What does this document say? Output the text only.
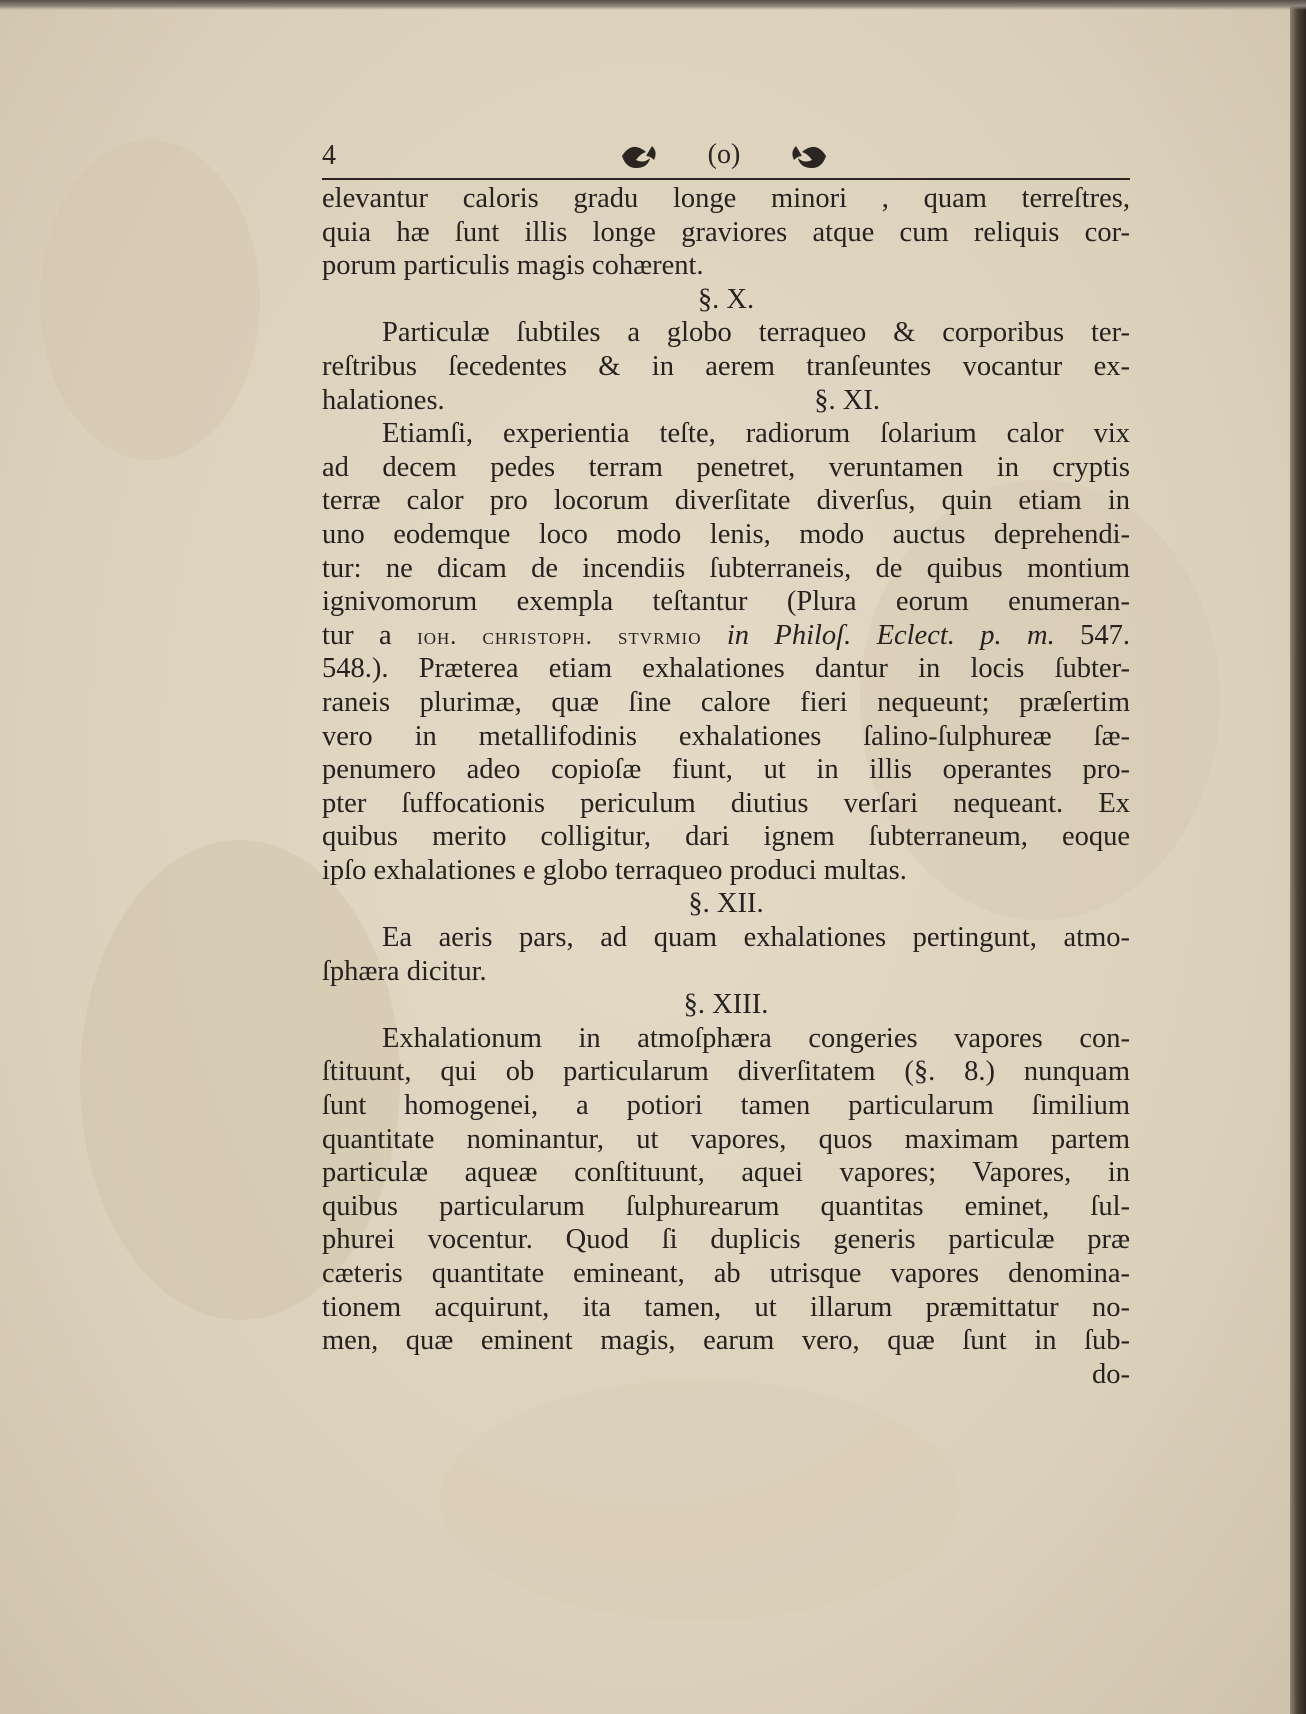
4	(o)
elevantur caloris gradu longe minori , quam terreſtres,
quia hæ ſunt illis longe graviores atque cum reliquis cor-
porum particulis magis cohærent.
§. X.
Particulæ ſubtiles a globo terraqueo & corporibus ter-
reſtribus ſecedentes & in aerem tranſeuntes vocantur ex-
halationes.	§. XI.
Etiamſi, experientia teſte, radiorum ſolarium calor vix
ad decem pedes terram penetret, veruntamen in cryptis
terræ calor pro locorum diverſitate diverſus, quin etiam in
uno eodemque loco modo lenis, modo auctus deprehendi-
tur: ne dicam de incendiis ſubterraneis, de quibus montium
ignivomorum exempla teſtantur (Plura eorum enumeran-
tur a ioh. christoph. stvrmio in Philoſ. Eclect. p. m. 547.
548.). Præterea etiam exhalationes dantur in locis ſubter-
raneis plurimæ, quæ ſine calore fieri nequeunt; præſertim
vero in metallifodinis exhalationes ſalino-ſulphureæ ſæ-
penumero adeo copioſæ fiunt, ut in illis operantes pro-
pter ſuffocationis periculum diutius verſari nequeant. Ex
quibus merito colligitur, dari ignem ſubterraneum, eoque
ipſo exhalationes e globo terraqueo produci multas.
§. XII.
Ea aeris pars, ad quam exhalationes pertingunt, atmo-
ſphæra dicitur.
§. XIII.
Exhalationum in atmoſphæra congeries vapores con-
ſtituunt, qui ob particularum diverſitatem (§. 8.) nunquam
ſunt homogenei, a potiori tamen particularum ſimilium
quantitate nominantur, ut vapores, quos maximam partem
particulæ aqueæ conſtituunt, aquei vapores; Vapores, in
quibus particularum ſulphurearum quantitas eminet, ſul-
phurei vocentur. Quod ſi duplicis generis particulæ præ
cæteris quantitate emineant, ab utrisque vapores denomina-
tionem acquirunt, ita tamen, ut illarum præmittatur no-
men, quæ eminent magis, earum vero, quæ ſunt in ſub-
do-
